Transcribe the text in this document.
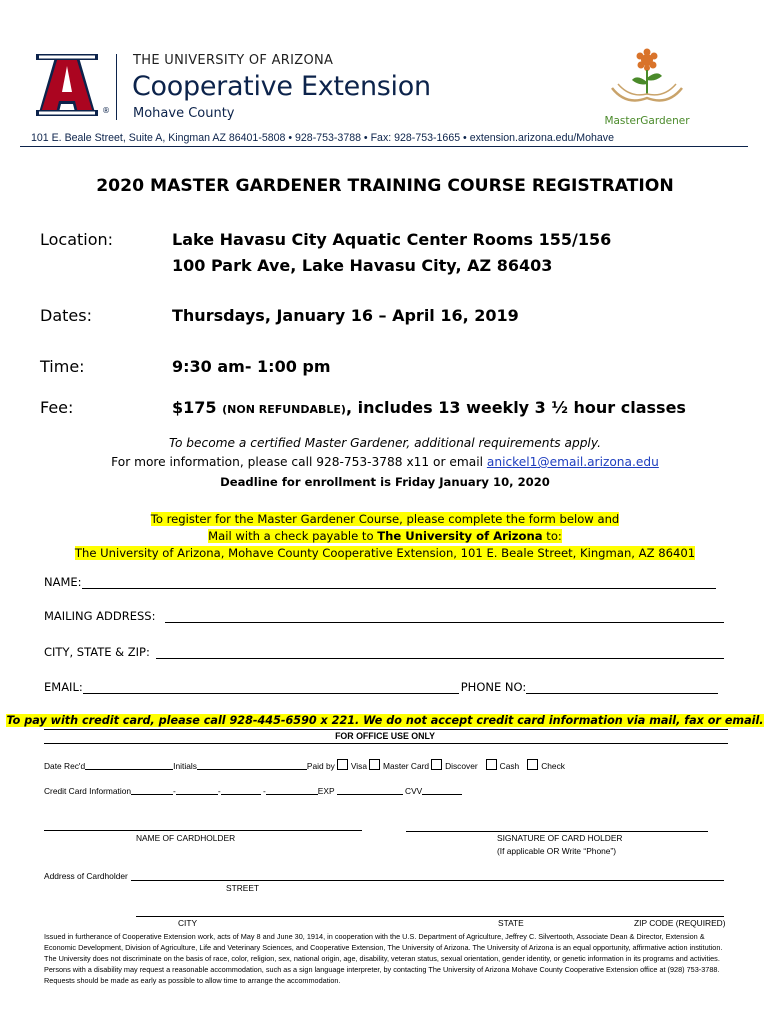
®
THE UNIVERSITY OF ARIZONA
Cooperative Extension
Mohave County	MasterGardener
101 E. Beale Street, Suite A, Kingman AZ 86401-5808 • 928-753-3788 • Fax: 928-753-1665 • extension.arizona.edu/Mohave
2020 MASTER GARDENER TRAINING COURSE REGISTRATION
Location:	Lake Havasu City Aquatic Center Rooms 155/156
100 Park Ave, Lake Havasu City, AZ 86403
Dates:	Thursdays, January 16 – April 16, 2019
Time:	9:30 am- 1:00 pm
Fee:	$175 (NON REFUNDABLE), includes 13 weekly 3 ½ hour classes
To become a certified Master Gardener, additional requirements apply.
For more information, please call 928-753-3788 x11 or email anickel1@email.arizona.edu
Deadline for enrollment is Friday January 10, 2020
To register for the Master Gardener Course, please complete the form below and
Mail with a check payable to The University of Arizona to:
The University of Arizona, Mohave County Cooperative Extension, 101 E. Beale Street, Kingman, AZ 86401
NAME:
MAILING ADDRESS:
CITY, STATE & ZIP:
EMAIL:	PHONE NO:
To pay with credit card, please call 928-445-6590 x 221. We do not accept credit card information via mail, fax or email.
FOR OFFICE USE ONLY
Date Rec'd	Initials	Paid by Visa Master Card Discover	Cash	Check
Credit Card Information	-	-	-	EXP	CVV
NAME OF CARDHOLDER	SIGNATURE OF CARD HOLDER
(If applicable OR Write “Phone”)
Address of Cardholder
STREET
CITY	STATE	ZIP CODE (REQUIRED)
Issued in furtherance of Cooperative Extension work, acts of May 8 and June 30, 1914, in cooperation with the U.S. Department of Agriculture, Jeffrey C. Silvertooth, Associate Dean & Director, Extension &
Economic Development, Division of Agriculture, Life and Veterinary Sciences, and Cooperative Extension, The University of Arizona. The University of Arizona is an equal opportunity, affirmative action institution.
The University does not discriminate on the basis of race, color, religion, sex, national origin, age, disability, veteran status, sexual orientation, gender identity, or genetic information in its programs and activities.
Persons with a disability may request a reasonable accommodation, such as a sign language interpreter, by contacting The University of Arizona Mohave County Cooperative Extension office at (928) 753-3788.
Requests should be made as early as possible to allow time to arrange the accommodation.
